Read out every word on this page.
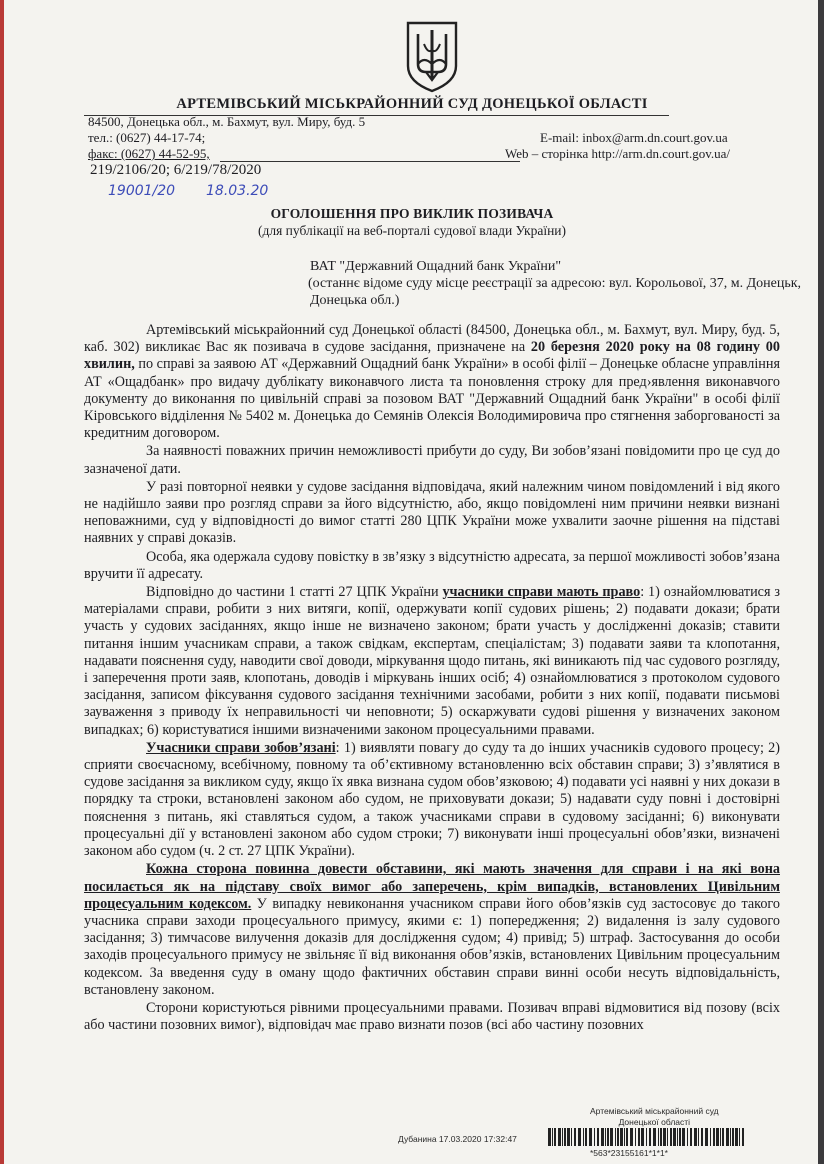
АРТЕМІВСЬКИЙ МІСЬКРАЙОННИЙ СУД ДОНЕЦЬКОЇ ОБЛАСТІ
84500, Донецька обл., м. Бахмут, вул. Миру, буд. 5
тел.: (0627) 44-17-74;
факс: (0627) 44-52-95,
E-mail: inbox@arm.dn.court.gov.ua
Web – сторінка http://arm.dn.court.gov.ua/
219/2106/20; 6/219/78/2020
19001/20 18.03.20
ОГОЛОШЕННЯ ПРО ВИКЛИК ПОЗИВАЧА
(для публікації на веб-порталі судової влади України)
ВАТ "Державний Ощадний банк України"
(останнє відоме суду місце реєстрації за адресою: вул. Корольової, 37, м. Донецьк, Донецька обл.)

Артемівський міськрайонний суд Донецької області (84500, Донецька обл., м. Бахмут, вул. Миру, буд. 5, каб. 302) викликає Вас як позивача в судове засідання, призначене на 20 березня 2020 року на 08 годину 00 хвилин, по справі за заявою АТ «Державний Ощадний банк України» в особі філії – Донецьке обласне управління АТ «Ощадбанк» про видачу дублікату виконавчого листа та поновлення строку для пред›явлення виконавчого документу до виконання по цивільній справі за позовом ВАТ "Державний Ощадний банк України" в особі філії Кіровського відділення № 5402 м. Донецька до Семянів Олексія Володимировича про стягнення заборгованості за кредитним договором.

За наявності поважних причин неможливості прибути до суду, Ви зобов’язані повідомити про це суд до зазначеної дати.

У разі повторної неявки у судове засідання відповідача, який належним чином повідомлений і від якого не надійшло заяви про розгляд справи за його відсутністю, або, якщо повідомлені ним причини неявки визнані неповажними, суд у відповідності до вимог статті 280 ЦПК України може ухвалити заочне рішення на підставі наявних у справі доказів.

Особа, яка одержала судову повістку в зв’язку з відсутністю адресата, за першої можливості зобов’язана вручити її адресату.

Відповідно до частини 1 статті 27 ЦПК України учасники справи мають право: 1) ознайомлюватися з матеріалами справи, робити з них витяги, копії, одержувати копії судових рішень; 2) подавати докази; брати участь у судових засіданнях, якщо інше не визначено законом; брати участь у дослідженні доказів; ставити питання іншим учасникам справи, а також свідкам, експертам, спеціалістам; 3) подавати заяви та клопотання, надавати пояснення суду, наводити свої доводи, міркування щодо питань, які виникають під час судового розгляду, і заперечення проти заяв, клопотань, доводів і міркувань інших осіб; 4) ознайомлюватися з протоколом судового засідання, записом фіксування судового засідання технічними засобами, робити з них копії, подавати письмові зауваження з приводу їх неправильності чи неповноти; 5) оскаржувати судові рішення у визначених законом випадках; 6) користуватися іншими визначеними законом процесуальними правами.

Учасники справи зобов’язані: 1) виявляти повагу до суду та до інших учасників судового процесу; 2) сприяти своєчасному, всебічному, повному та об’єктивному встановленню всіх обставин справи; 3) з’являтися в судове засідання за викликом суду, якщо їх явка визнана судом обов’язковою; 4) подавати усі наявні у них докази в порядку та строки, встановлені законом або судом, не приховувати докази; 5) надавати суду повні і достовірні пояснення з питань, які ставляться судом, а також учасниками справи в судовому засіданні; 6) виконувати процесуальні дії у встановлені законом або судом строки; 7) виконувати інші процесуальні обов’язки, визначені законом або судом (ч. 2 ст. 27 ЦПК України).

Кожна сторона повинна довести обставини, які мають значення для справи і на які вона посилається як на підставу своїх вимог або заперечень, крім випадків, встановлених Цивільним процесуальним кодексом. У випадку невиконання учасником справи його обов’язків суд застосовує до такого учасника справи заходи процесуального примусу, якими є: 1) попередження; 2) видалення із залу судового засідання; 3) тимчасове вилучення доказів для дослідження судом; 4) привід; 5) штраф. Застосування до особи заходів процесуального примусу не звільняє її від виконання обов’язків, встановлених Цивільним процесуальним кодексом. За введення суду в оману щодо фактичних обставин справи винні особи несуть відповідальність, встановлену законом.

Сторони користуються рівними процесуальними правами. Позивач вправі відмовитися від позову (всіх або частини позовних вимог), відповідач має право визнати позов (всі або частину позовних

Артемівський міськрайонний суд
Донецької області
Дубанина 17.03.2020 17:32:47
*563*23155161*1*1*
